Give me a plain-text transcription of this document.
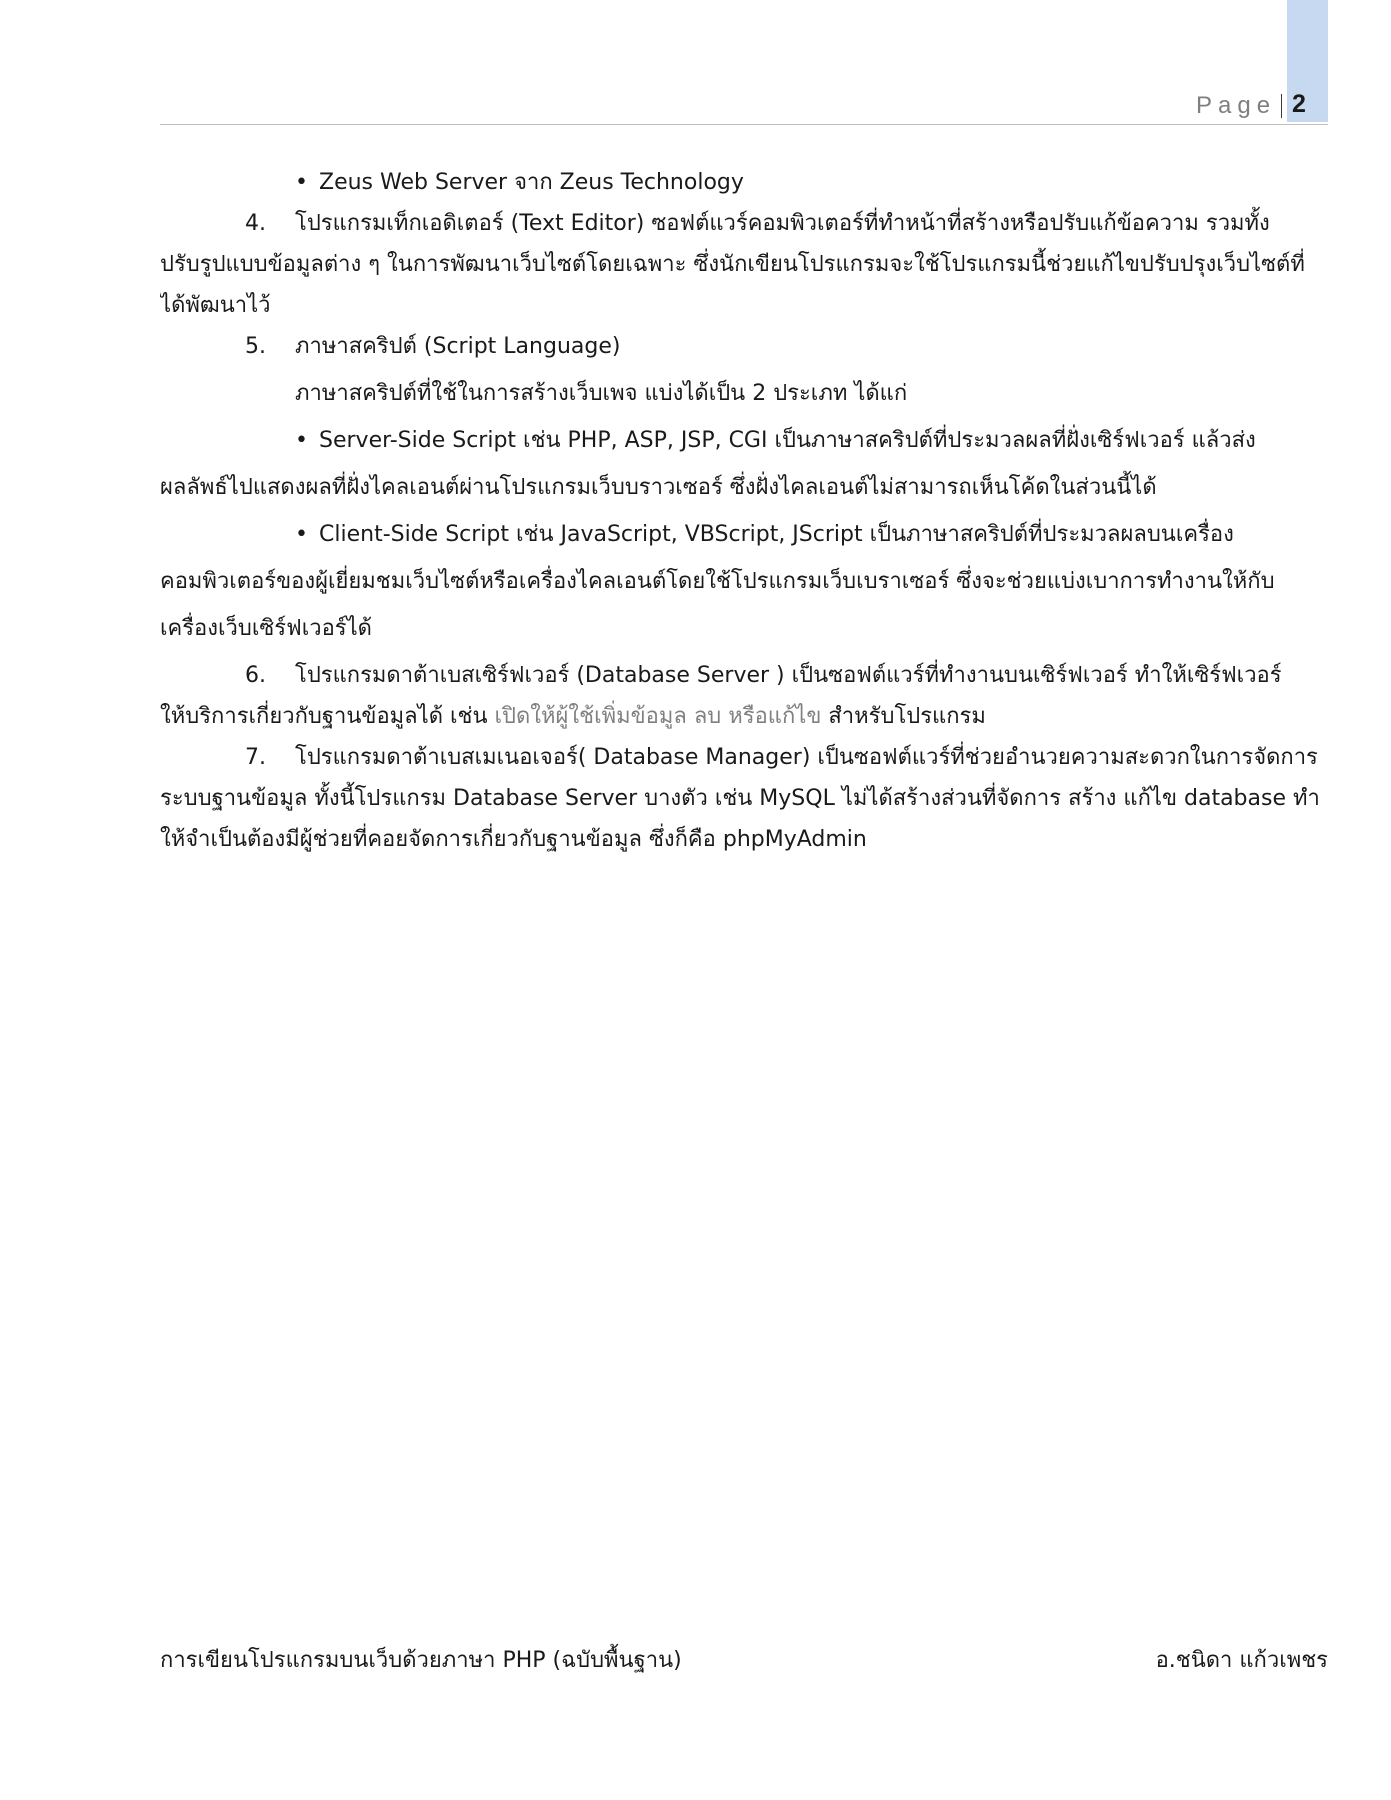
Page 2
• Zeus Web Server จาก Zeus Technology
4. โปรแกรมเท็กเอดิเตอร์ (Text Editor) ซอฟต์แวร์คอมพิวเตอร์ที่ทำหน้าที่สร้างหรือปรับแก้ข้อความ รวมทั้ง
ปรับรูปแบบข้อมูลต่าง ๆ ในการพัฒนาเว็บไซต์โดยเฉพาะ ซึ่งนักเขียนโปรแกรมจะใช้โปรแกรมนี้ช่วยแก้ไขปรับปรุงเว็บไซต์ที่
ได้พัฒนาไว้
5. ภาษาสคริปต์ (Script Language)
ภาษาสคริปต์ที่ใช้ในการสร้างเว็บเพจ แบ่งได้เป็น 2 ประเภท ได้แก่
• Server-Side Script เช่น PHP, ASP, JSP, CGI เป็นภาษาสคริปต์ที่ประมวลผลที่ฝั่งเซิร์ฟเวอร์ แล้วส่ง
ผลลัพธ์ไปแสดงผลที่ฝั่งไคลเอนต์ผ่านโปรแกรมเว็บบราวเซอร์ ซึ่งฝั่งไคลเอนต์ไม่สามารถเห็นโค้ดในส่วนนี้ได้
• Client-Side Script เช่น JavaScript, VBScript, JScript เป็นภาษาสคริปต์ที่ประมวลผลบนเครื่อง
คอมพิวเตอร์ของผู้เยี่ยมชมเว็บไซต์หรือเครื่องไคลเอนต์โดยใช้โปรแกรมเว็บเบราเซอร์ ซึ่งจะช่วยแบ่งเบาการทำงานให้กับ
เครื่องเว็บเซิร์ฟเวอร์ได้
6. โปรแกรมดาต้าเบสเซิร์ฟเวอร์ (Database Server ) เป็นซอฟต์แวร์ที่ทำงานบนเซิร์ฟเวอร์ ทำให้เซิร์ฟเวอร์
ให้บริการเกี่ยวกับฐานข้อมูลได้ เช่น เปิดให้ผู้ใช้เพิ่มข้อมูล ลบ หรือแก้ไข สำหรับโปรแกรม
7. โปรแกรมดาต้าเบสเมเนอเจอร์( Database Manager) เป็นซอฟต์แวร์ที่ช่วยอำนวยความสะดวกในการจัดการ
ระบบฐานข้อมูล ทั้งนี้โปรแกรม Database Server บางตัว เช่น MySQL ไม่ได้สร้างส่วนที่จัดการ สร้าง แก้ไข database ทำ
ให้จำเป็นต้องมีผู้ช่วยที่คอยจัดการเกี่ยวกับฐานข้อมูล ซึ่งก็คือ phpMyAdmin
การเขียนโปรแกรมบนเว็บด้วยภาษา PHP (ฉบับพื้นฐาน)	อ.ชนิดา แก้วเพชร
